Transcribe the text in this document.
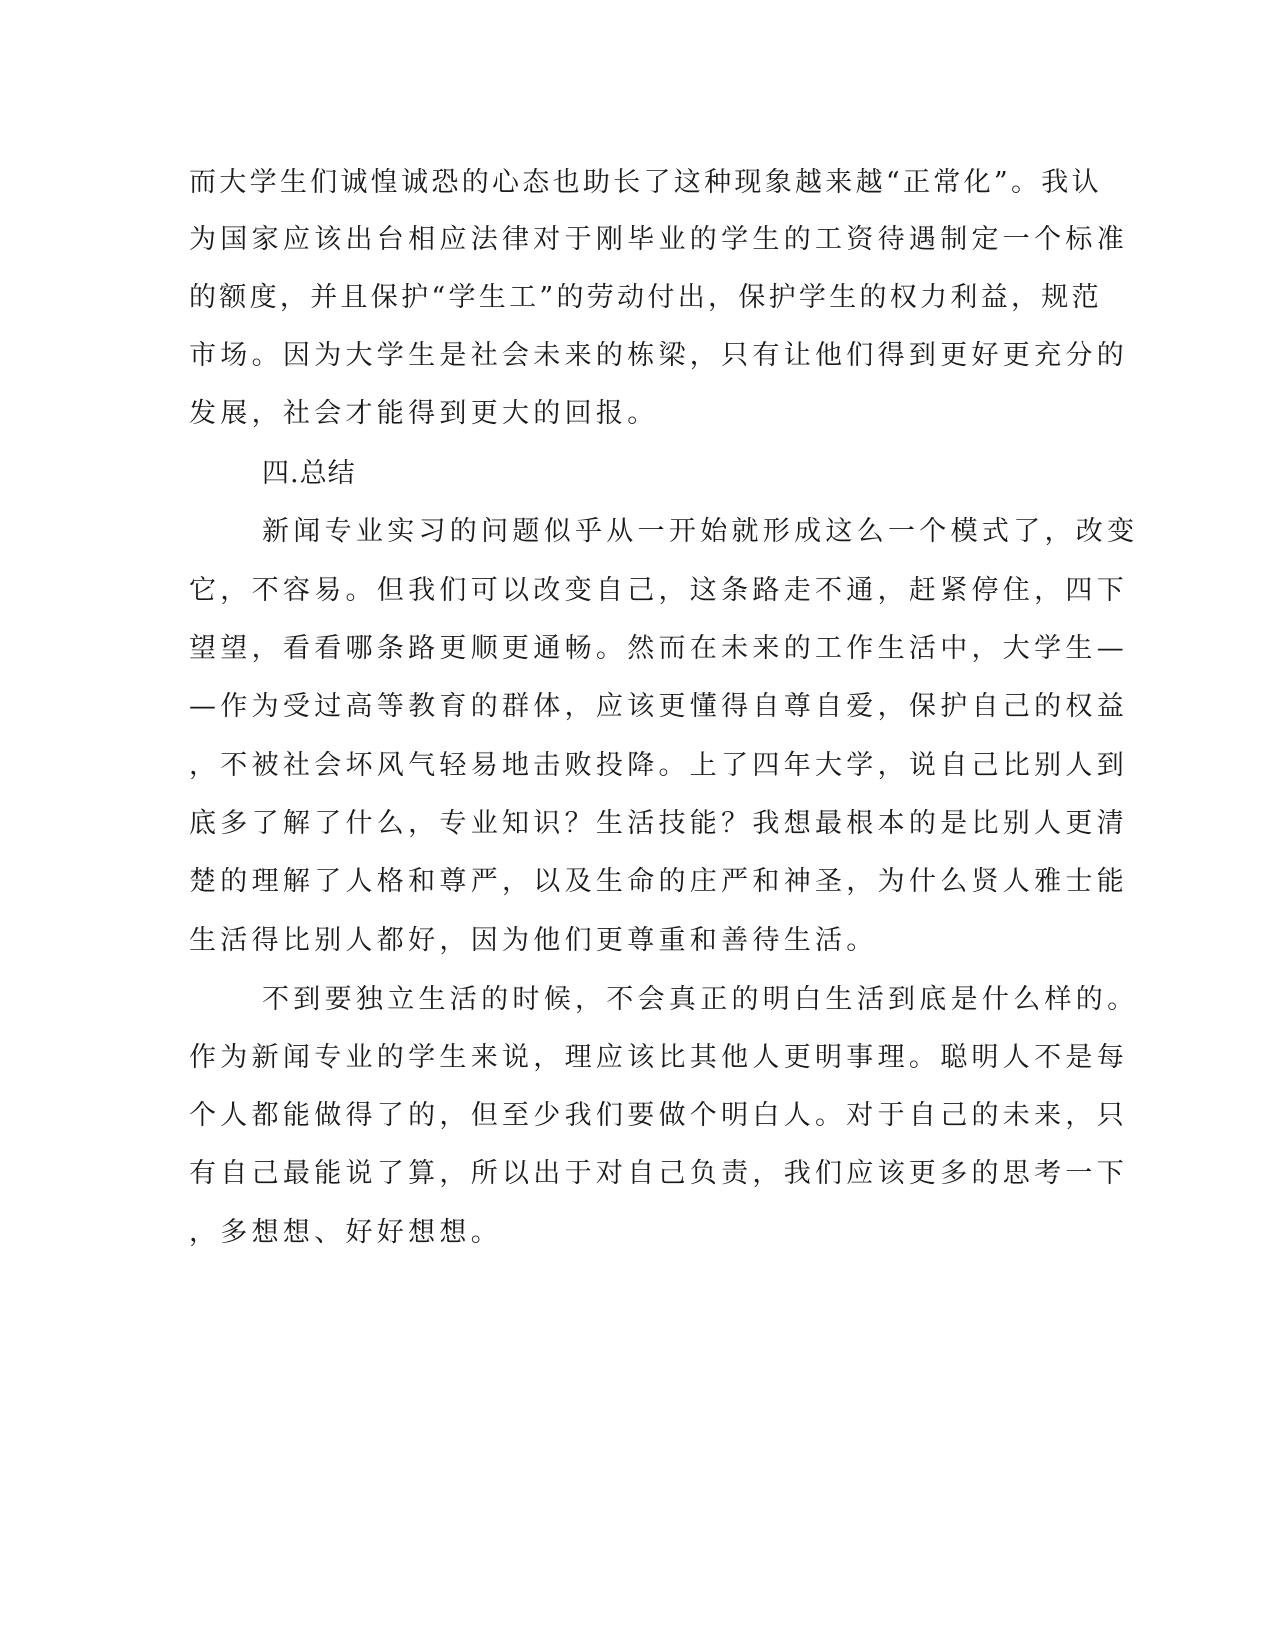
而大学生们诚惶诚恐的心态也助长了这种现象越来越“正常化”。我认
为国家应该出台相应法律对于刚毕业的学生的工资待遇制定一个标准
的额度，并且保护“学生工”的劳动付出，保护学生的权力利益，规范
市场。因为大学生是社会未来的栋梁，只有让他们得到更好更充分的
发展，社会才能得到更大的回报。
四.总结
新闻专业实习的问题似乎从一开始就形成这么一个模式了，改变
它，不容易。但我们可以改变自己，这条路走不通，赶紧停住，四下
望望，看看哪条路更顺更通畅。然而在未来的工作生活中，大学生—
—作为受过高等教育的群体，应该更懂得自尊自爱，保护自己的权益
，不被社会坏风气轻易地击败投降。上了四年大学，说自己比别人到
底多了解了什么，专业知识？生活技能？我想最根本的是比别人更清
楚的理解了人格和尊严，以及生命的庄严和神圣，为什么贤人雅士能
生活得比别人都好，因为他们更尊重和善待生活。
不到要独立生活的时候，不会真正的明白生活到底是什么样的。
作为新闻专业的学生来说，理应该比其他人更明事理。聪明人不是每
个人都能做得了的，但至少我们要做个明白人。对于自己的未来，只
有自己最能说了算，所以出于对自己负责，我们应该更多的思考一下
，多想想、好好想想。
